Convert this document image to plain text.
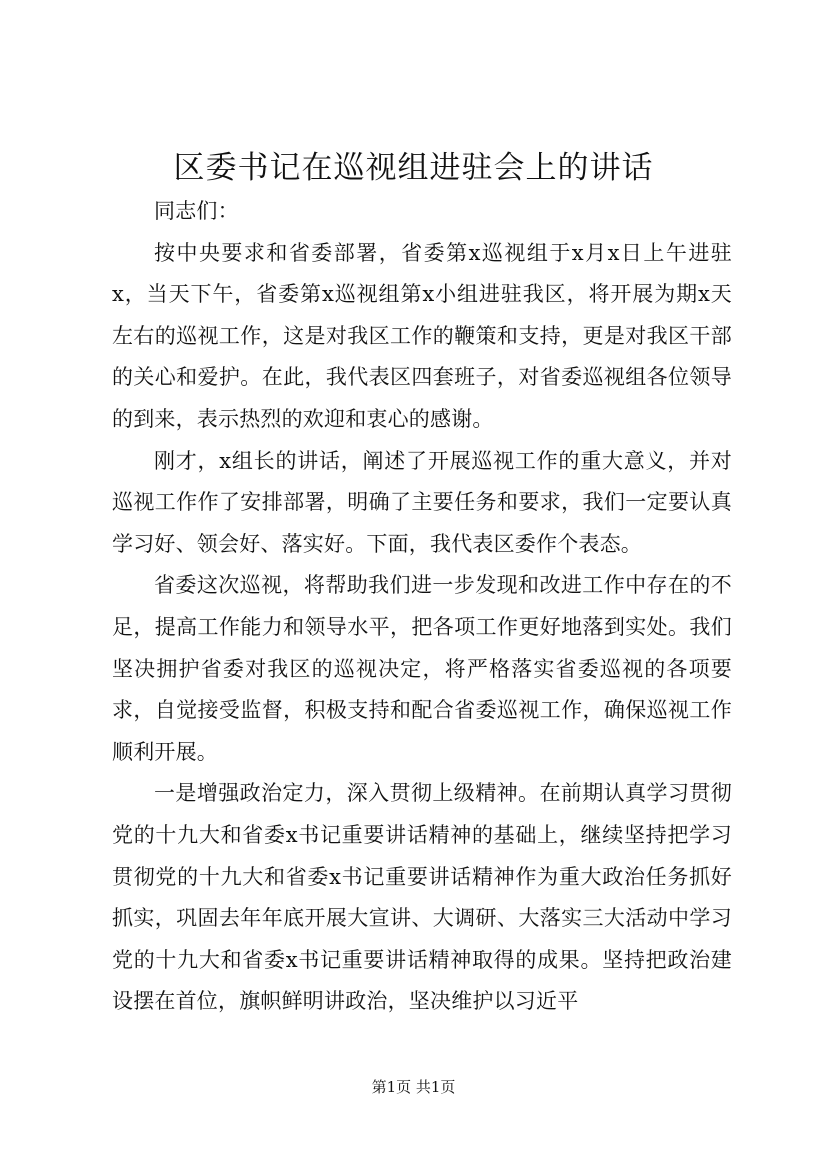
区委书记在巡视组进驻会上的讲话

同志们：

按中央要求和省委部署，省委第x巡视组于x月x日上午进驻x，当天下午，省委第x巡视组第x小组进驻我区，将开展为期x天左右的巡视工作，这是对我区工作的鞭策和支持，更是对我区干部的关心和爱护。在此，我代表区四套班子，对省委巡视组各位领导的到来，表示热烈的欢迎和衷心的感谢。

刚才，x组长的讲话，阐述了开展巡视工作的重大意义，并对巡视工作作了安排部署，明确了主要任务和要求，我们一定要认真学习好、领会好、落实好。下面，我代表区委作个表态。

省委这次巡视，将帮助我们进一步发现和改进工作中存在的不足，提高工作能力和领导水平，把各项工作更好地落到实处。我们坚决拥护省委对我区的巡视决定，将严格落实省委巡视的各项要求，自觉接受监督，积极支持和配合省委巡视工作，确保巡视工作顺利开展。

一是增强政治定力，深入贯彻上级精神。在前期认真学习贯彻党的十九大和省委x书记重要讲话精神的基础上，继续坚持把学习贯彻党的十九大和省委x书记重要讲话精神作为重大政治任务抓好抓实，巩固去年年底开展大宣讲、大调研、大落实三大活动中学习党的十九大和省委x书记重要讲话精神取得的成果。坚持把政治建设摆在首位，旗帜鲜明讲政治，坚决维护以习近平

第1页 共1页
